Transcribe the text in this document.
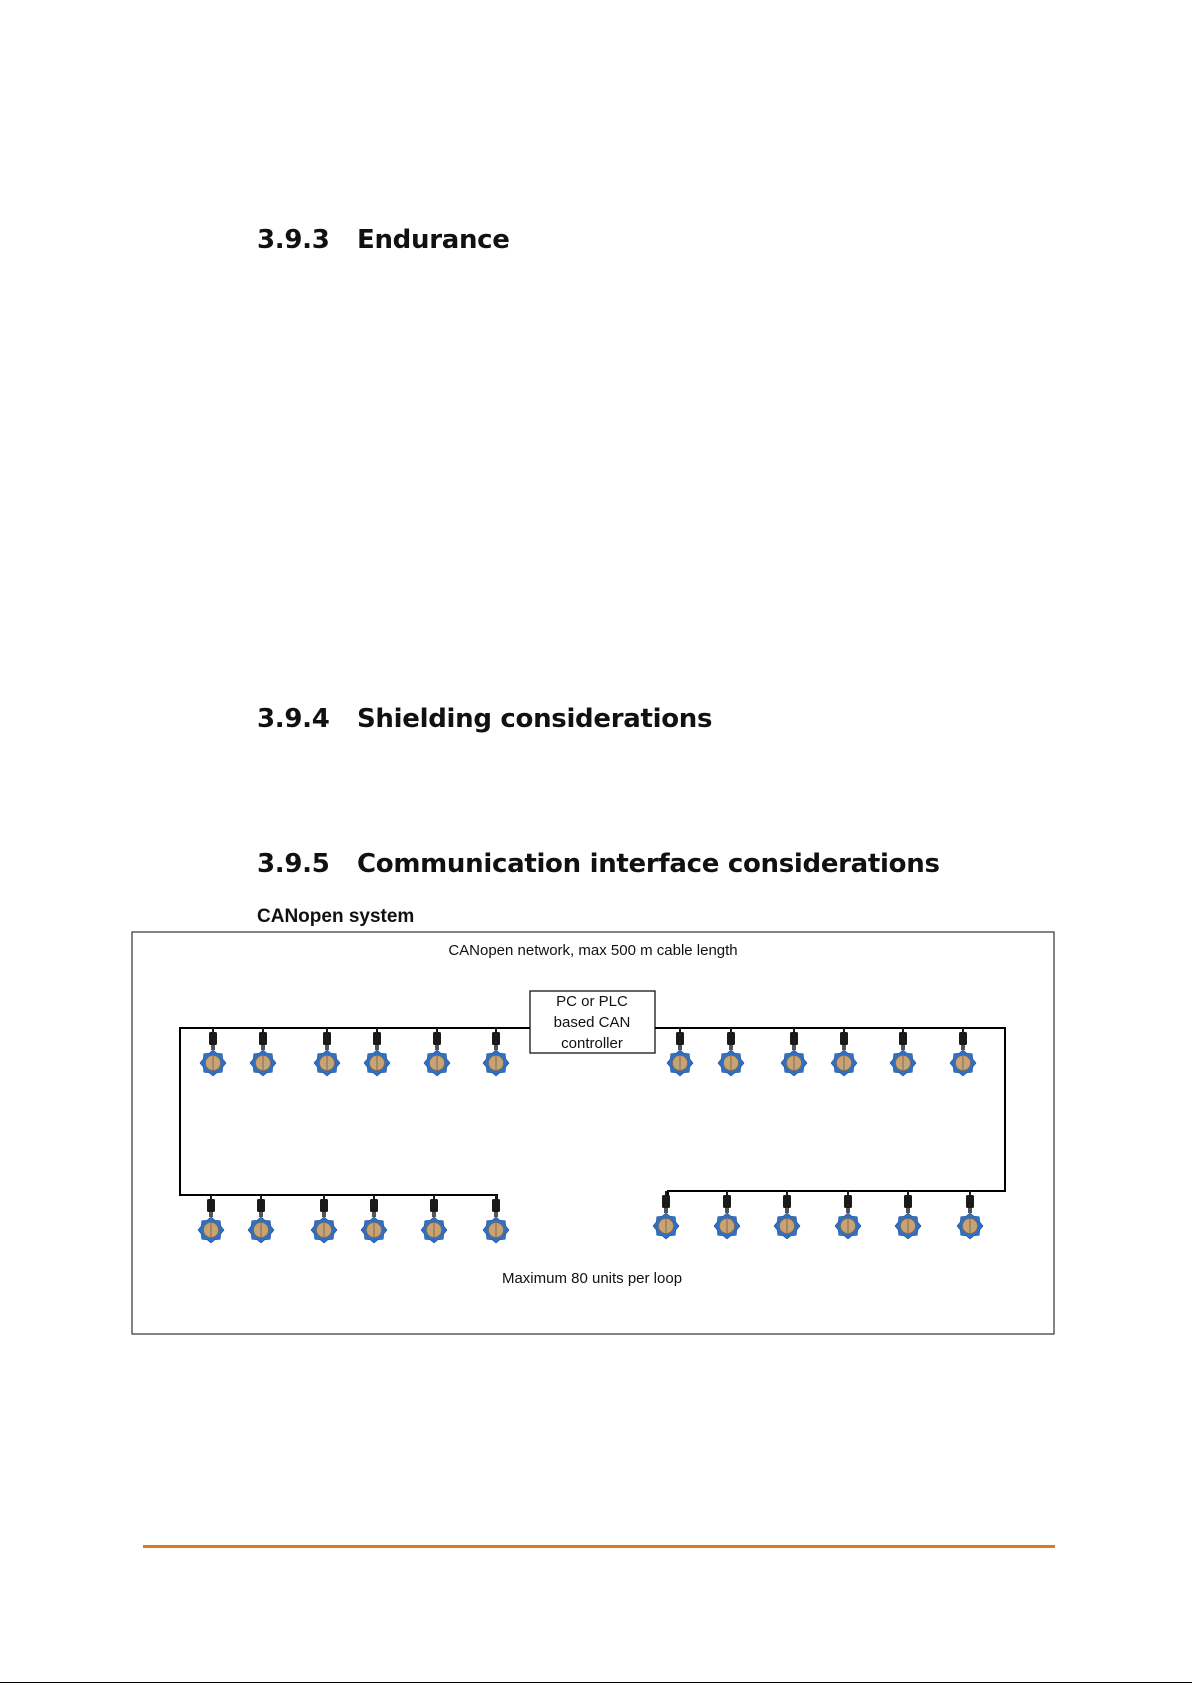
3.9.3 Endurance
3.9.4 Shielding considerations
3.9.5 Communication interface considerations

CANopen system

CANopen network, max 500 m cable length
PC or PLC
based CAN
controller
Maximum 80 units per loop
